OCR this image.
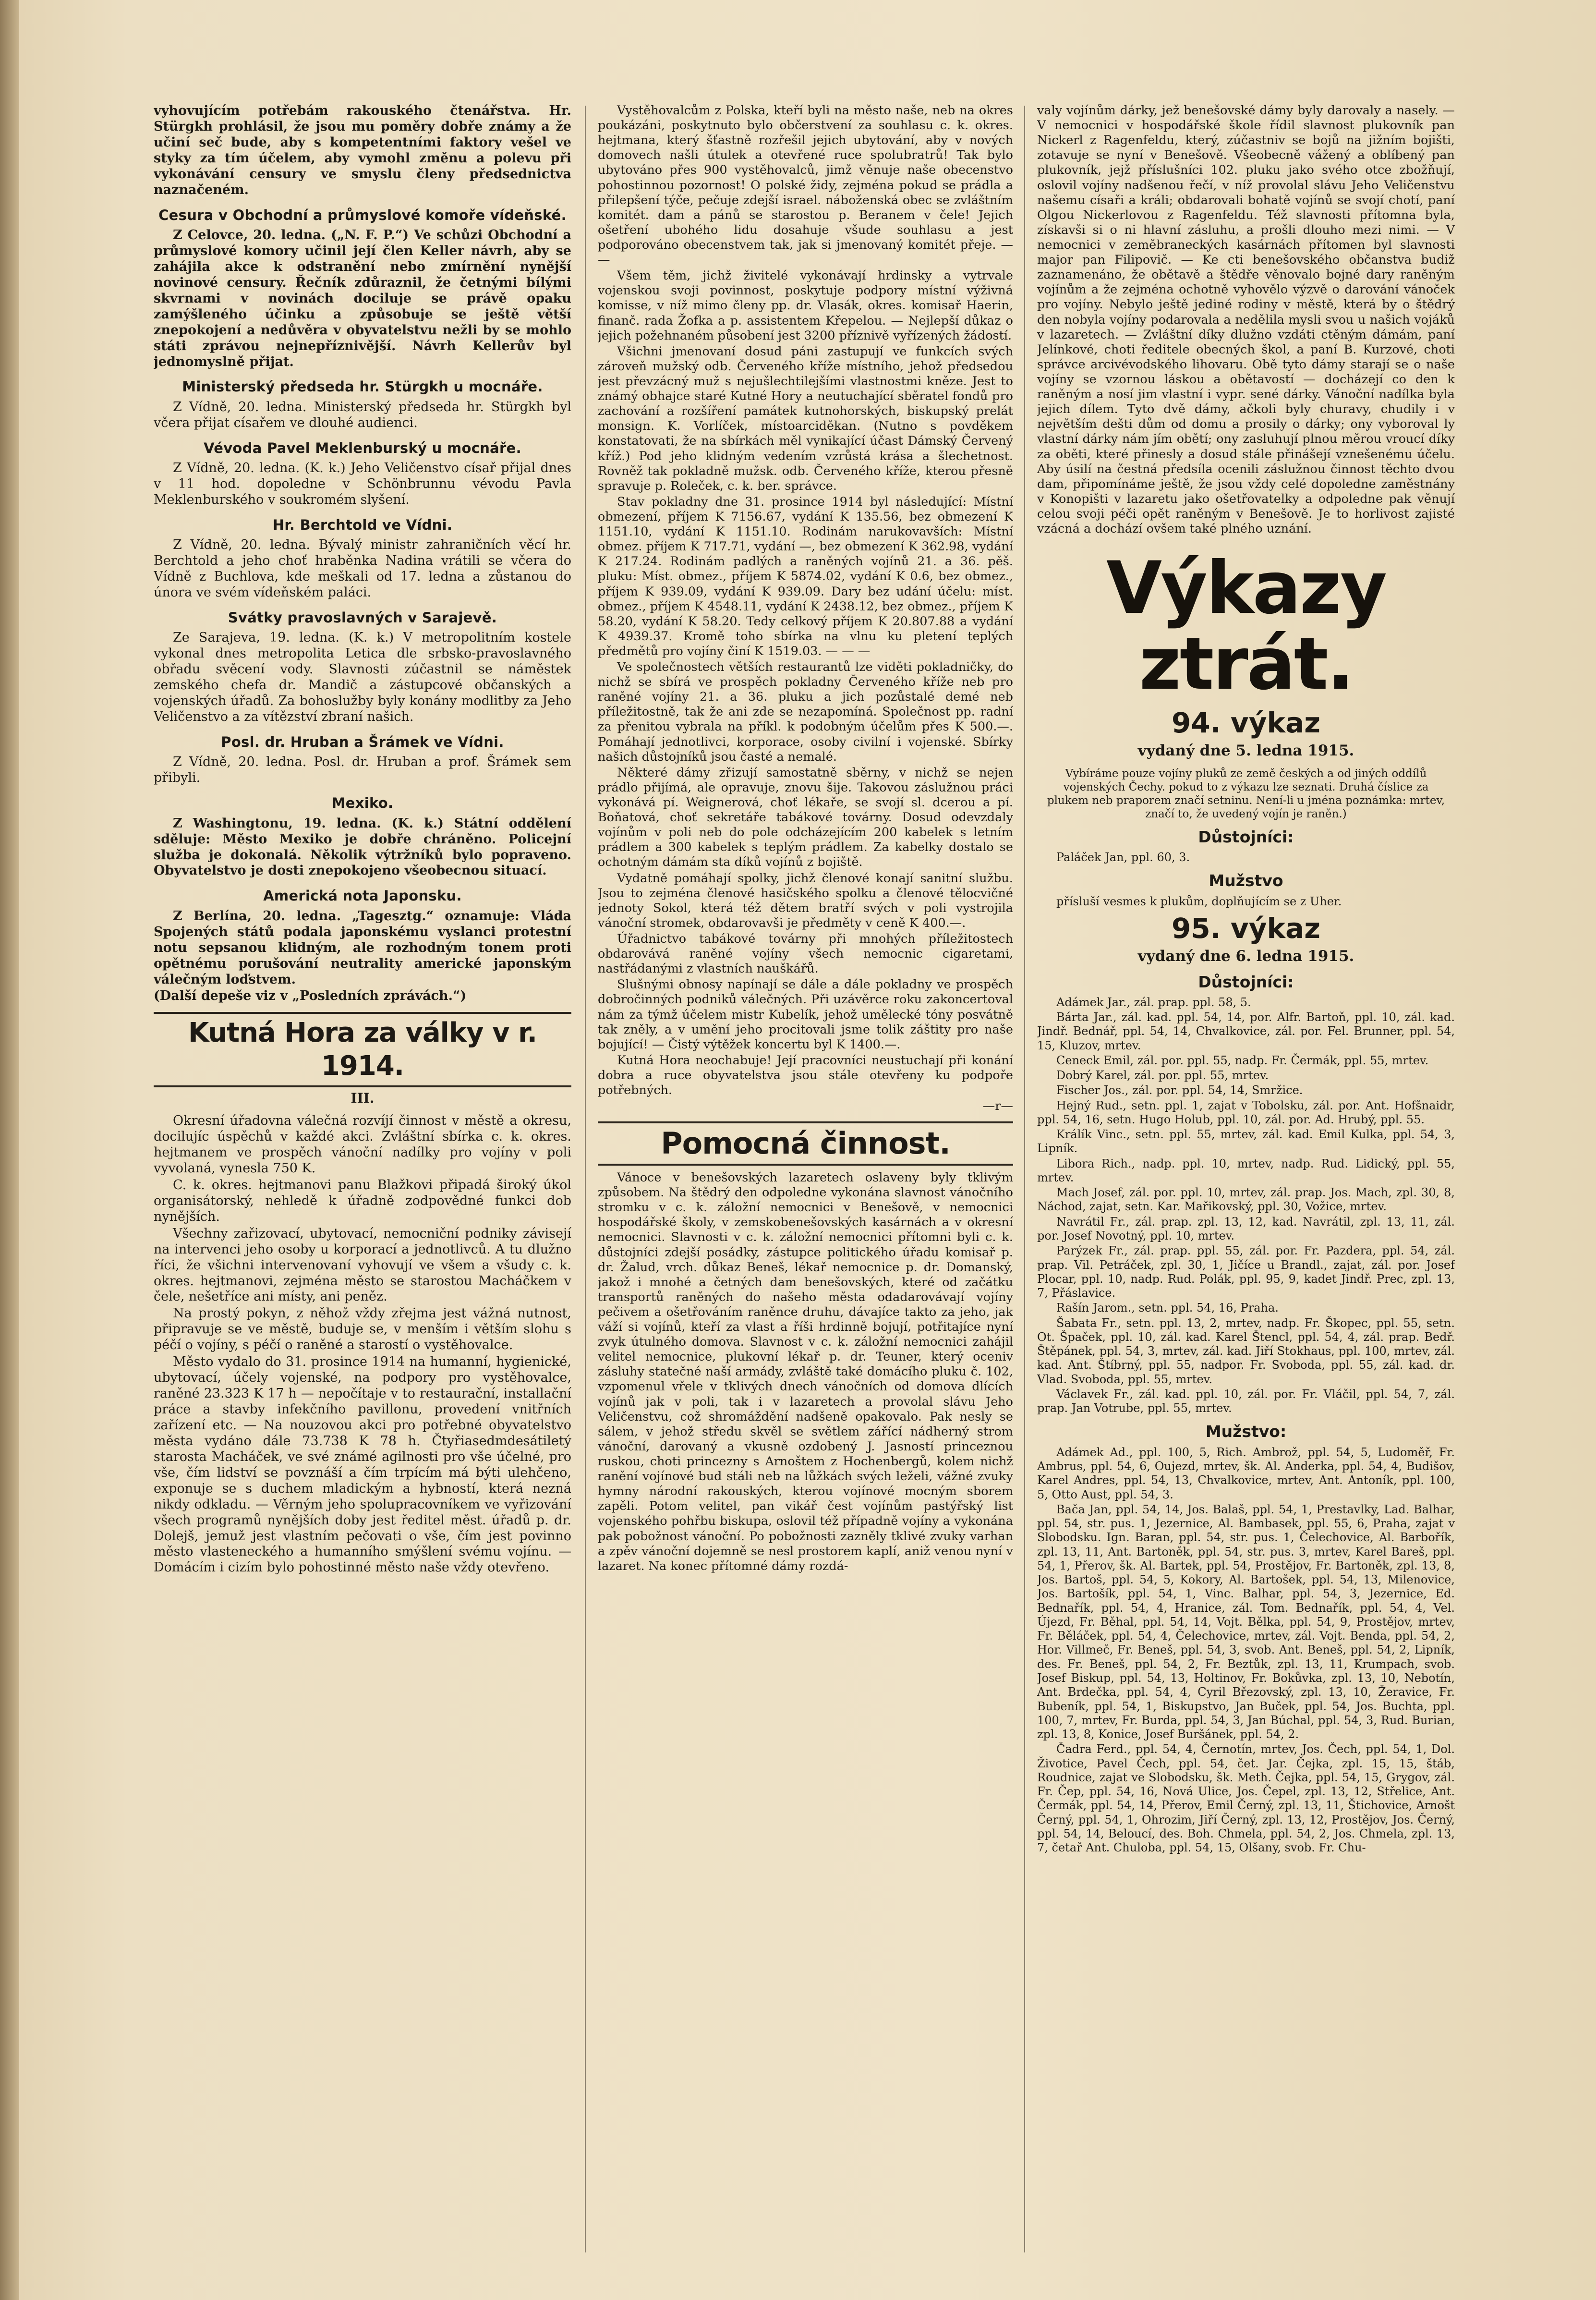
vyhovujícím potřebám rakouského čtenářstva. Hr. Stürgkh prohlásil, že jsou mu poměry dobře známy a že učiní seč bude, aby s kompetentními faktory vešel ve styky za tím účelem, aby vymohl změnu a polevu při vykonávání censury ve smyslu členy předsednictva naznačeném.

Cesura v Obchodní a průmyslové komoře vídeňské.

Z Celovce, 20. ledna. („N. F. P.“) Ve schůzi Obchodní a průmyslové komory učinil její člen Keller návrh, aby se zahájila akce k odstranění nebo zmírnění nynější novinové censury. Řečník zdůraznil, že četnými bílými skvrnami v novinách dociluje se právě opaku zamýšleného účinku a způsobuje se ještě větší znepokojení a nedůvěra v obyvatelstvu nežli by se mohlo státi zprávou nejnepříznivější. Návrh Kellerův byl jednomyslně přijat.

Ministerský předseda hr. Stürgkh u mocnáře.

Z Vídně, 20. ledna. Ministerský předseda hr. Stürgkh byl včera přijat císařem ve dlouhé audienci.

Vévoda Pavel Meklenburský u mocnáře.

Z Vídně, 20. ledna. (K. k.) Jeho Veličenstvo císař přijal dnes v 11 hod. dopoledne v Schönbrunnu vévodu Pavla Meklenburského v soukromém slyšení.

Hr. Berchtold ve Vídni.

Z Vídně, 20. ledna. Bývalý ministr zahraničních věcí hr. Berchtold a jeho choť hraběnka Nadina vrátili se včera do Vídně z Buchlova, kde meškali od 17. ledna a zůstanou do února ve svém vídeňském paláci.

Svátky pravoslavných v Sarajevě.

Ze Sarajeva, 19. ledna. (K. k.) V metropolitním kostele vykonal dnes metropolita Letica dle srbsko-pravoslavného obřadu svěcení vody. Slavnosti zúčastnil se náměstek zemského chefa dr. Mandič a zástupcové občanských a vojenských úřadů. Za bohoslužby byly konány modlitby za Jeho Veličenstvo a za vítězství zbraní našich.

Posl. dr. Hruban a Šrámek ve Vídni.

Z Vídně, 20. ledna. Posl. dr. Hruban a prof. Šrámek sem přibyli.

Mexiko.

Z Washingtonu, 19. ledna. (K. k.) Státní oddělení sděluje: Město Mexiko je dobře chráněno. Policejní služba je dokonalá. Několik výtržníků bylo popraveno. Obyvatelstvo je dosti znepokojeno všeobecnou situací.

Americká nota Japonsku.

Z Berlína, 20. ledna. „Tagesztg.“ oznamuje: Vláda Spojených států podala japonskému vyslanci protestní notu sepsanou klidným, ale rozhodným tonem proti opětnému porušování neutrality americké japonským válečným loďstvem.

(Další depeše viz v „Posledních zprávách.“)

Kutná Hora za války v r. 1914.
III.

Okresní úřadovna válečná rozvíjí činnost v městě a okresu, docilujíc úspěchů v každé akci. Zvláštní sbírka c. k. okres. hejtmanem ve prospěch vánoční nadílky pro vojíny v poli vyvolaná, vynesla 750 K.

C. k. okres. hejtmanovi panu Blažkovi připadá široký úkol organisátorský, nehledě k úřadně zodpovědné funkci dob nynějších.

Všechny zařizovací, ubytovací, nemocniční podniky závisejí na intervenci jeho osoby u korporací a jednotlivců. A tu dlužno říci, že všichni intervenovaní vyhovují ve všem a všudy c. k. okres. hejtmanovi, zejména město se starostou Macháčkem v čele, nešetříce ani místy, ani peněz.

Na prostý pokyn, z něhož vždy zřejma jest vážná nutnost, připravuje se ve městě, buduje se, v menším i větším slohu s péčí o vojíny, s péčí o raněné a starostí o vystěhovalce.

Město vydalo do 31. prosince 1914 na humanní, hygienické, ubytovací, účely vojenské, na podpory pro vystěhovalce, raněné 23.323 K 17 h — nepočítaje v to restaurační, installační práce a stavby infekčního pavillonu, provedení vnitřních zařízení etc. — Na nouzovou akci pro potřebné obyvatelstvo města vydáno dále 73.738 K 78 h. Čtyřiasedmdesátiletý starosta Macháček, ve své známé agilnosti pro vše účelné, pro vše, čím lidství se povznáší a čím trpícím má býti ulehčeno, exponuje se s duchem mladickým a hybností, která nezná nikdy odkladu. — Věrným jeho spolupracovníkem ve vyřizování všech programů nynějších doby jest ředitel měst. úřadů p. dr. Dolejš, jemuž jest vlastním pečovati o vše, čím jest povinno město vlasteneckého a humanního smýšlení svému vojínu. — Domácím i cizím bylo pohostinné město naše vždy otevřeno.

Vystěhovalcům z Polska, kteří byli na město naše, neb na okres poukázáni, poskytnuto bylo občerstvení za souhlasu c. k. okres. hejtmana, který šťastně rozřešil jejich ubytování, aby v nových domovech našli útulek a otevřené ruce spolubratrů! Tak bylo ubytováno přes 900 vystěhovalců, jimž věnuje naše obecenstvo pohostinnou pozornost! O polské židy, zejména pokud se prádla a přilepšení týče, pečuje zdejší israel. náboženská obec se zvláštním komitét. dam a pánů se starostou p. Beranem v čele! Jejich ošetření ubohého lidu dosahuje všude souhlasu a jest podporováno obecenstvem tak, jak si jmenovaný komitét přeje. — —

Všem těm, jichž živitelé vykonávají hrdinsky a vytrvale vojenskou svoji povinnost, poskytuje podpory místní výživná komisse, v níž mimo členy pp. dr. Vlasák, okres. komisař Haerin, finanč. rada Žofka a p. assistentem Křepelou. — Nejlepší důkaz o jejich požehnaném působení jest 3200 příznivě vyřízených žádostí.

Všichni jmenovaní dosud páni zastupují ve funkcích svých zároveň mužský odb. Červeného kříže místního, jehož předsedou jest převzácný muž s nejušlechtilejšími vlastnostmi kněze. Jest to známý obhajce staré Kutné Hory a neutuchající sběratel fondů pro zachování a rozšíření památek kutnohorských, biskupský prelát monsign. K. Vorlíček, místoarciděkan. (Nutno s povděkem konstatovati, že na sbírkách měl vynikající účast Dámský Červený kříž.) Pod jeho klidným vedením vzrůstá krása a šlechetnost. Rovněž tak pokladně mužsk. odb. Červeného kříže, kterou přesně spravuje p. Roleček, c. k. ber. správce.

Stav pokladny dne 31. prosince 1914 byl následující: Místní obmezení, příjem K 7156.67, vydání K 135.56, bez obmezení K 1151.10, vydání K 1151.10. Rodinám narukovavších: Místní obmez. příjem K 717.71, vydání —, bez obmezení K 362.98, vydání K 217.24. Rodinám padlých a raněných vojínů 21. a 36. pěš. pluku: Míst. obmez., příjem K 5874.02, vydání K 0.6, bez obmez., příjem K 939.09, vydání K 939.09. Dary bez udání účelu: míst. obmez., příjem K 4548.11, vydání K 2438.12, bez obmez., příjem K 58.20, vydání K 58.20. Tedy celkový příjem K 20.807.88 a vydání K 4939.37. Kromě toho sbírka na vlnu ku pletení teplých předmětů pro vojíny činí K 1519.03. — — —

Ve společnostech větších restaurantů lze viděti pokladničky, do nichž se sbírá ve prospěch pokladny Červeného kříže neb pro raněné vojíny 21. a 36. pluku a jich pozůstalé demé neb příležitostně, tak že ani zde se nezapomíná. Společnost pp. radní za přenitou vybrala na příkl. k podobným účelům přes K 500.—. Pomáhají jednotlivci, korporace, osoby civilní i vojenské. Sbírky našich důstojníků jsou časté a nemalé.

Některé dámy zřizují samostatně sběrny, v nichž se nejen prádlo přijímá, ale opravuje, znovu šije. Takovou záslužnou práci vykonává pí. Weignerová, choť lékaře, se svojí sl. dcerou a pí. Boňatová, choť sekretáře tabákové továrny. Dosud odevzdaly vojínům v poli neb do pole odcházejícím 200 kabelek s letním prádlem a 300 kabelek s teplým prádlem. Za kabelky dostalo se ochotným dámám sta díků vojínů z bojiště.

Vydatně pomáhají spolky, jichž členové konají sanitní službu. Jsou to zejména členové hasičského spolku a členové tělocvičné jednoty Sokol, která též dětem bratří svých v poli vystrojila vánoční stromek, obdarovavši je předměty v ceně K 400.—.

Úřadnictvo tabákové továrny při mnohých příležitostech obdarovává raněné vojíny všech nemocnic cigaretami, nastřádanými z vlastních nauškářů.

Slušnými obnosy napínají se dále a dále pokladny ve prospěch dobročinných podniků válečných. Při uzávěrce roku zakoncertoval nám za týmž účelem mistr Kubelík, jehož umělecké tóny posvátně tak zněly, a v umění jeho procitovali jsme tolik záštity pro naše bojující! — Čistý výtěžek koncertu byl K 1400.—.

Kutná Hora neochabuje! Její pracovníci neustuchají při konání dobra a ruce obyvatelstva jsou stále otevřeny ku podpoře potřebných.

—r—
Pomocná činnost.

Vánoce v benešovských lazaretech oslaveny byly tklivým způsobem. Na štědrý den odpoledne vykonána slavnost vánočního stromku v c. k. záložní nemocnici v Benešově, v nemocnici hospodářské školy, v zemskobenešovských kasárnách a v okresní nemocnici. Slavnosti v c. k. záložní nemocnici přítomni byli c. k. důstojníci zdejší posádky, zástupce politického úřadu komisař p. dr. Žalud, vrch. důkaz Beneš, lékař nemocnice p. dr. Domanský, jakož i mnohé a četných dam benešovských, které od začátku transportů raněných do našeho města odadarovávají vojíny pečivem a ošetřováním raněnce druhu, dávajíce takto za jeho, jak váží si vojínů, kteří za vlast a říši hrdinně bojují, potřitajíce nyní zvyk útulného domova. Slavnost v c. k. záložní nemocnici zahájil velitel nemocnice, plukovní lékař p. dr. Teuner, který oceniv zásluhy statečné naší armády, zvláště také domácího pluku č. 102, vzpomenul vřele v tklivých dnech vánočních od domova dlících vojínů jak v poli, tak i v lazaretech a provolal slávu Jeho Veličenstvu, což shromáždění nadšeně opakovalo. Pak nesly se sálem, v jehož středu skvěl se světlem zářící nádherný strom vánoční, darovaný a vkusně ozdobený J. Jasností princeznou ruskou, choti princezny s Arnoštem z Hochenbergů, kolem nichž ranění vojínové bud stáli neb na lůžkách svých leželi, vážné zvuky hymny národní rakouských, kterou vojínové mocným sborem zapěli. Potom velitel, pan vikář čest vojínům pastýřský list vojenského pohřbu biskupa, oslovil též případně vojíny a vykonána pak pobožnost vánoční. Po pobožnosti zazněly tklivé zvuky varhan a zpěv vánoční dojemně se nesl prostorem kaplí, aniž venou nyní v lazaret. Na konec přítomné dámy rozdá-

valy vojínům dárky, jež benešovské dámy byly darovaly a nasely. — V nemocnici v hospodářské škole řídil slavnost plukovník pan Nickerl z Ragenfeldu, který, zúčastniv se bojů na jižním bojišti, zotavuje se nyní v Benešově. Všeobecně vážený a oblíbený pan plukovník, jejž příslušníci 102. pluku jako svého otce zbožňují, oslovil vojíny nadšenou řečí, v níž provolal slávu Jeho Veličenstvu našemu císaři a králi; obdarovali bohatě vojínů se svojí chotí, paní Olgou Nickerlovou z Ragenfeldu. Též slavnosti přítomna byla, získavši si o ni hlavní zásluhu, a prošli dlouho mezi nimi. — V nemocnici v zeměbraneckých kasárnách přítomen byl slavnosti major pan Filipovič. — Ke cti benešovského občanstva budiž zaznamenáno, že obětavě a štědře věnovalo bojné dary raněným vojínům a že zejména ochotně vyhovělo výzvě o darování vánoček pro vojíny. Nebylo ještě jediné rodiny v městě, která by o štědrý den nobyla vojíny podarovala a nedělila mysli svou u našich vojáků v lazaretech. — Zvláštní díky dlužno vzdáti ctěným dámám, paní Jelínkové, choti ředitele obecných škol, a paní B. Kurzové, choti správce arcivévodského lihovaru. Obě tyto dámy starají se o naše vojíny se vzornou láskou a obětavostí — docházejí co den k raněným a nosí jim vlastní i vypr. sené dárky. Vánoční nadílka byla jejich dílem. Tyto dvě dámy, ačkoli byly churavy, chudily i v největším dešti dům od domu a prosily o dárky; ony vyboroval ly vlastní dárky nám jím obětí; ony zasluhují plnou měrou vroucí díky za oběti, které přinesly a dosud stále přinášejí vznešenému účelu. Aby úsilí na čestná předsíla ocenili záslužnou činnost těchto dvou dam, připomínáme ještě, že jsou vždy celé dopoledne zaměstnány v Konopišti v lazaretu jako ošetřovatelky a odpoledne pak věnují celou svoji péči opět raněným v Benešově. Je to horlivost zajisté vzácná a dochází ovšem také plného uznání.

Výkazy ztrát.
94. výkaz
vydaný dne 5. ledna 1915.

Vybíráme pouze vojíny pluků ze země českých a od jiných oddílů vojenských Čechy. pokud to z výkazu lze seznati. Druhá číslice za plukem neb praporem značí setninu. Není-li u jména poznámka: mrtev, značí to, že uvedený vojín je raněn.)

Důstojníci:

Paláček Jan, ppl. 60, 3.

Mužstvo

přísluší vesmes k plukům, doplňujícím se z Uher.

95. výkaz
vydaný dne 6. ledna 1915.
Důstojníci:

Adámek Jar., zál. prap. ppl. 58, 5.

Bárta Jar., zál. kad. ppl. 54, 14, por. Alfr. Bartoň, ppl. 10, zál. kad. Jindř. Bednář, ppl. 54, 14, Chvalkovice, zál. por. Fel. Brunner, ppl. 54, 15, Kluzov, mrtev.

Ceneck Emil, zál. por. ppl. 55, nadp. Fr. Čermák, ppl. 55, mrtev.

Dobrý Karel, zál. por. ppl. 55, mrtev.

Fischer Jos., zál. por. ppl. 54, 14, Smržice.

Hejný Rud., setn. ppl. 1, zajat v Tobolsku, zál. por. Ant. Hofšnaidr, ppl. 54, 16, setn. Hugo Holub, ppl. 10, zál. por. Ad. Hrubý, ppl. 55.

Králík Vinc., setn. ppl. 55, mrtev, zál. kad. Emil Kulka, ppl. 54, 3, Lipník.

Libora Rich., nadp. ppl. 10, mrtev, nadp. Rud. Lidický, ppl. 55, mrtev.

Mach Josef, zál. por. ppl. 10, mrtev, zál. prap. Jos. Mach, zpl. 30, 8, Náchod, zajat, setn. Kar. Mařikovský, ppl. 30, Vožice, mrtev.

Navrátil Fr., zál. prap. zpl. 13, 12, kad. Navrátil, zpl. 13, 11, zál. por. Josef Novotný, ppl. 10, mrtev.

Parýzek Fr., zál. prap. ppl. 55, zál. por. Fr. Pazdera, ppl. 54, zál. prap. Vil. Petráček, zpl. 30, 1, Jičíce u Brandl., zajat, zál. por. Josef Plocar, ppl. 10, nadp. Rud. Polák, ppl. 95, 9, kadet Jindř. Prec, zpl. 13, 7, Přáslavice.

Rašín Jarom., setn. ppl. 54, 16, Praha.

Šabata Fr., setn. ppl. 13, 2, mrtev, nadp. Fr. Škopec, ppl. 55, setn. Ot. Špaček, ppl. 10, zál. kad. Karel Štencl, ppl. 54, 4, zál. prap. Bedř. Štěpánek, ppl. 54, 3, mrtev, zál. kad. Jiří Stokhaus, ppl. 100, mrtev, zál. kad. Ant. Štíbrný, ppl. 55, nadpor. Fr. Svoboda, ppl. 55, zál. kad. dr. Vlad. Svoboda, ppl. 55, mrtev.

Václavek Fr., zál. kad. ppl. 10, zál. por. Fr. Vláčil, ppl. 54, 7, zál. prap. Jan Votrube, ppl. 55, mrtev.

Mužstvo:

Adámek Ad., ppl. 100, 5, Rich. Ambrož, ppl. 54, 5, Ludoměř, Fr. Ambrus, ppl. 54, 6, Oujezd, mrtev, šk. Al. Anderka, ppl. 54, 4, Budišov, Karel Andres, ppl. 54, 13, Chvalkovice, mrtev, Ant. Antoník, ppl. 100, 5, Otto Aust, ppl. 54, 3.

Bača Jan, ppl. 54, 14, Jos. Balaš, ppl. 54, 1, Prestavlky, Lad. Balhar, ppl. 54, str. pus. 1, Jezernice, Al. Bambasek, ppl. 55, 6, Praha, zajat v Slobodsku. Ign. Baran, ppl. 54, str. pus. 1, Čelechovice, Al. Barbořík, zpl. 13, 11, Ant. Bartoněk, ppl. 54, str. pus. 3, mrtev, Karel Bareš, ppl. 54, 1, Přerov, šk. Al. Bartek, ppl. 54, Prostějov, Fr. Bartoněk, zpl. 13, 8, Jos. Bartoš, ppl. 54, 5, Kokory, Al. Bartošek, ppl. 54, 13, Milenovice, Jos. Bartošík, ppl. 54, 1, Vinc. Balhar, ppl. 54, 3, Jezernice, Ed. Bednařík, ppl. 54, 4, Hranice, zál. Tom. Bednařík, ppl. 54, 4, Vel. Újezd, Fr. Běhal, ppl. 54, 14, Vojt. Bělka, ppl. 54, 9, Prostějov, mrtev, Fr. Běláček, ppl. 54, 4, Čelechovice, mrtev, zál. Vojt. Benda, ppl. 54, 2, Hor. Villmeč, Fr. Beneš, ppl. 54, 3, svob. Ant. Beneš, ppl. 54, 2, Lipník, des. Fr. Beneš, ppl. 54, 2, Fr. Beztůk, zpl. 13, 11, Krumpach, svob. Josef Biskup, ppl. 54, 13, Holtinov, Fr. Bokůvka, zpl. 13, 10, Nebotín, Ant. Brdečka, ppl. 54, 4, Cyril Březovský, zpl. 13, 10, Žeravice, Fr. Bubeník, ppl. 54, 1, Biskupstvo, Jan Buček, ppl. 54, Jos. Buchta, ppl. 100, 7, mrtev, Fr. Burda, ppl. 54, 3, Jan Búchal, ppl. 54, 3, Rud. Burian, zpl. 13, 8, Konice, Josef Buršánek, ppl. 54, 2.

Čadra Ferd., ppl. 54, 4, Černotín, mrtev, Jos. Čech, ppl. 54, 1, Dol. Životice, Pavel Čech, ppl. 54, čet. Jar. Čejka, zpl. 15, 15, štáb, Roudnice, zajat ve Slobodsku, šk. Meth. Čejka, ppl. 54, 15, Grygov, zál. Fr. Čep, ppl. 54, 16, Nová Ulice, Jos. Čepel, zpl. 13, 12, Střelice, Ant. Čermák, ppl. 54, 14, Přerov, Emil Černý, zpl. 13, 11, Štichovice, Arnošt Černý, ppl. 54, 1, Ohrozim, Jiří Černý, zpl. 13, 12, Prostějov, Jos. Černý, ppl. 54, 14, Beloucí, des. Boh. Chmela, ppl. 54, 2, Jos. Chmela, zpl. 13, 7, četař Ant. Chuloba, ppl. 54, 15, Olšany, svob. Fr. Chu-
